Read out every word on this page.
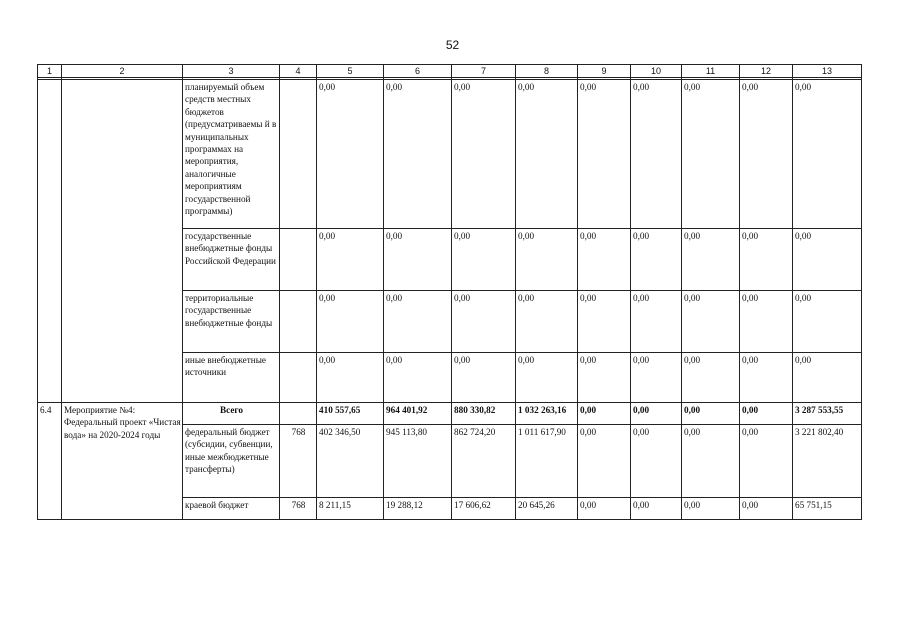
52
1	2	3	4	5	6	7	8	9	10	11	12	13

		планируемый объем средств местных бюджетов (предусматриваемы й в муниципальных программах на мероприятия, аналогичные мероприятиям государственной программы)		0,00	0,00	0,00	0,00	0,00	0,00	0,00	0,00	0,00
		государственные внебюджетные фонды Российской Федерации		0,00	0,00	0,00	0,00	0,00	0,00	0,00	0,00	0,00
		территориальные государственные внебюджетные фонды		0,00	0,00	0,00	0,00	0,00	0,00	0,00	0,00	0,00
		иные внебюджетные источники		0,00	0,00	0,00	0,00	0,00	0,00	0,00	0,00	0,00
6.4	Мероприятие №4: Федеральный проект «Чистая вода» на 2020-2024 годы	Всего		410 557,65	964 401,92	880 330,82	1 032 263,16	0,00	0,00	0,00	0,00	3 287 553,55
		федеральный бюджет (субсидии, субвенции, иные межбюджетные трансферты)	768	402 346,50	945 113,80	862 724,20	1 011 617,90	0,00	0,00	0,00	0,00	3 221 802,40
		краевой бюджет	768	8 211,15	19 288,12	17 606,62	20 645,26	0,00	0,00	0,00	0,00	65 751,15
